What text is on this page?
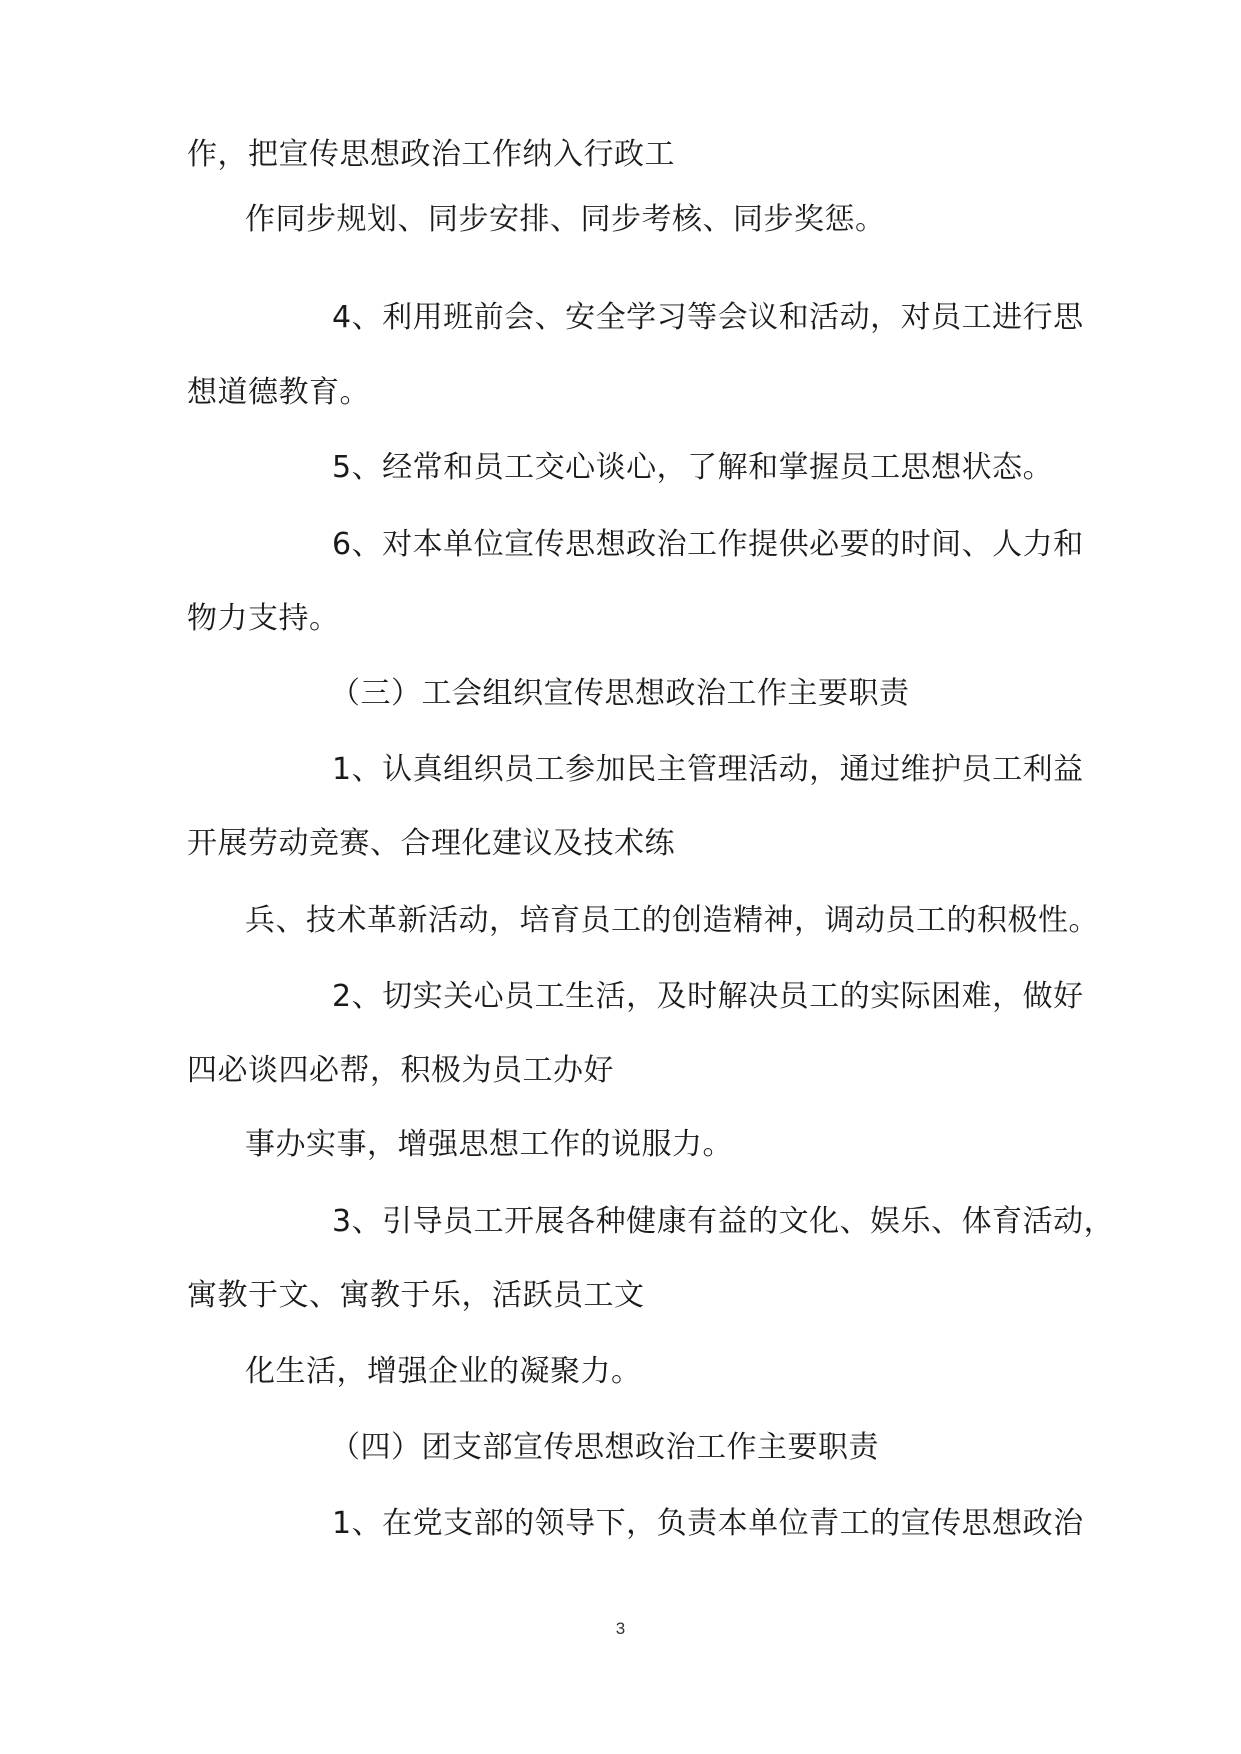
作，把宣传思想政治工作纳入行政工
作同步规划、同步安排、同步考核、同步奖惩。
4、利用班前会、安全学习等会议和活动，对员工进行思
想道德教育。
5、经常和员工交心谈心，了解和掌握员工思想状态。
6、对本单位宣传思想政治工作提供必要的时间、人力和
物力支持。
（三）工会组织宣传思想政治工作主要职责
1、认真组织员工参加民主管理活动，通过维护员工利益
开展劳动竞赛、合理化建议及技术练
兵、技术革新活动，培育员工的创造精神，调动员工的积极性。
2、切实关心员工生活，及时解决员工的实际困难，做好
四必谈四必帮，积极为员工办好
事办实事，增强思想工作的说服力。
3、引导员工开展各种健康有益的文化、娱乐、体育活动，
寓教于文、寓教于乐，活跃员工文
化生活，增强企业的凝聚力。
（四）团支部宣传思想政治工作主要职责
1、在党支部的领导下，负责本单位青工的宣传思想政治
3
